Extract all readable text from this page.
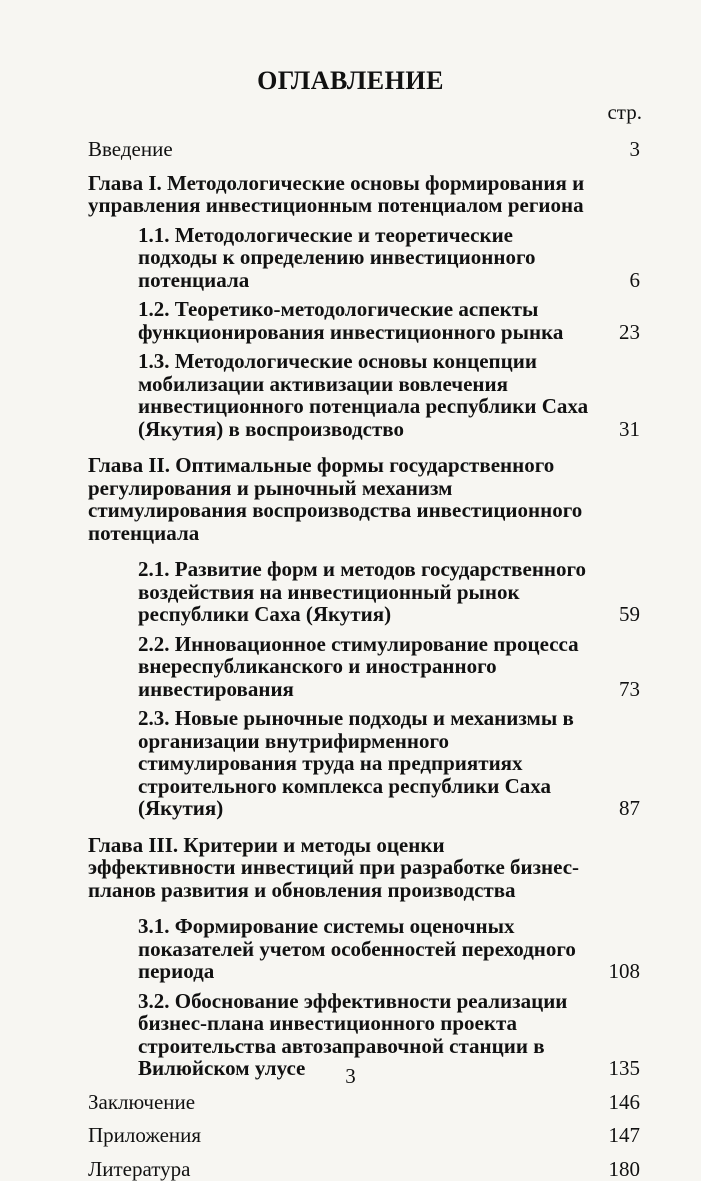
ОГЛАВЛЕНИЕ
стр.
Введение	3
Глава I. Методологические основы формирования и управления инвестиционным потенциалом региона
1.1. Методологические и теоретические подходы к определению инвестиционного потенциала	6
1.2. Теоретико-методологические аспекты функционирования инвестиционного рынка	23
1.3. Методологические основы концепции мобилизации активизации вовлечения инвестиционного потенциала республики Саха (Якутия) в воспроизводство	31
Глава II. Оптимальные формы государственного регулирования и рыночный механизм стимулирования воспроизводства инвестиционного потенциала
2.1. Развитие форм и методов государственного воздействия на инвестиционный рынок республики Саха (Якутия)	59
2.2. Инновационное стимулирование процесса внереспубликанского и иностранного инвестирования	73
2.3. Новые рыночные подходы и механизмы в организации внутрифирменного стимулирования труда на предприятиях строительного комплекса республики Саха (Якутия)	87
Глава III. Критерии и методы оценки эффективности инвестиций при разработке бизнес-планов развития и обновления производства
3.1. Формирование системы оценочных показателей учетом особенностей переходного периода	108
3.2. Обоснование эффективности реализации бизнес-плана инвестиционного проекта строительства автозаправочной станции в Вилюйском улусе	135
Заключение	146
Приложения	147
Литература	180
3
